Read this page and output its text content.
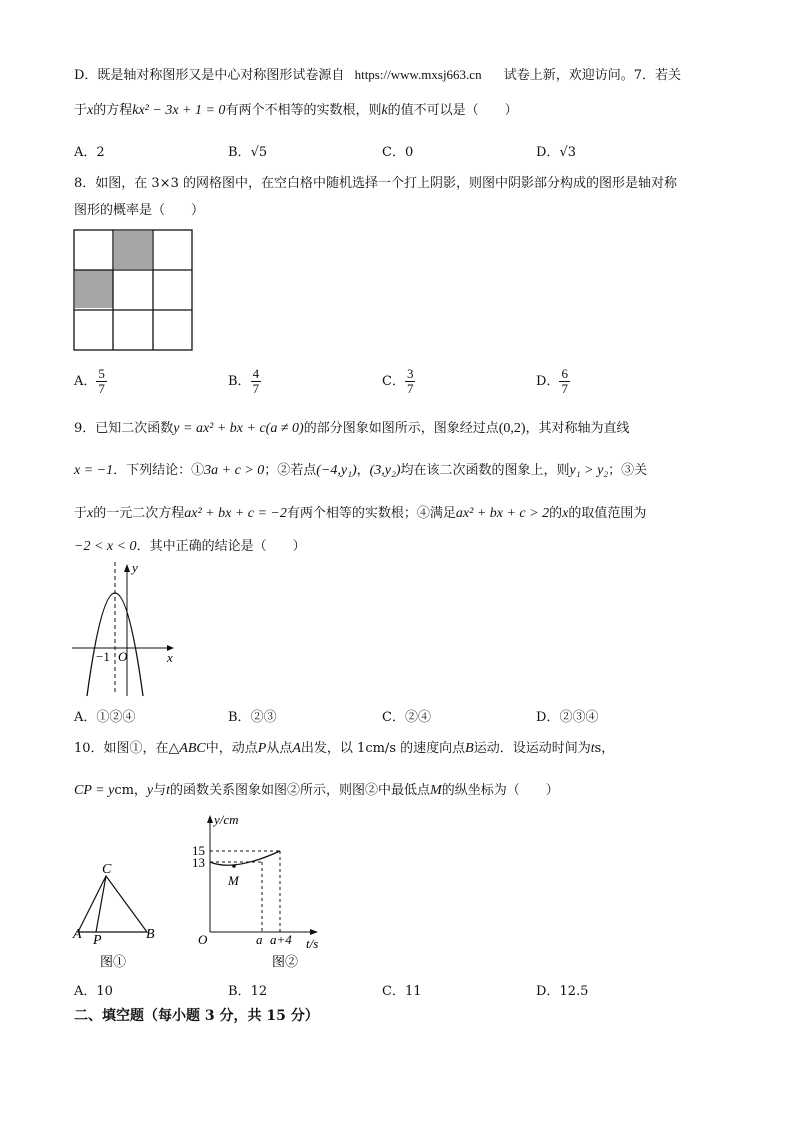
D．既是轴对称图形又是中心对称图形试卷源自 https://www.mxsj663.cn 试卷上新，欢迎访问。7．若关
于x的方程kx² − 3x + 1 = 0有两个不相等的实数根，则k的值不可以是（　　）
A．2	B．√5	C．0	D．√3
8．如图，在 3×3 的网格图中，在空白格中随机选择一个打上阴影，则图中阴影部分构成的图形是轴对称
图形的概率是（　　）
A． $\frac{5}{7}$	B． $\frac{4}{7}$	C． $\frac{3}{7}$	D． $\frac{6}{7}$
9．已知二次函数y = ax² + bx + c(a ≠ 0)的部分图象如图所示，图象经过点(0,2)，其对称轴为直线
x = −1．下列结论：①3a + c > 0；②若点(−4,y₁)，(3,y₂)均在该二次函数的图象上，则y₁ > y₂；③关
于x的一元二次方程ax² + bx + c = −2有两个相等的实数根；④满足ax² + bx + c > 2的x的取值范围为
−2 < x < 0．其中正确的结论是（　　）
x
y
O
−1
A．①②④	B．②③	C．②④	D．②③④
10．如图①，在△ABC中，动点P从点A出发，以 1cm/s 的速度向点B运动．设运动时间为ts，
CP = ycm，y与t的函数关系图象如图②所示，则图②中最低点M的纵坐标为（　　）
C
A P	B
图①
y/cm
t/s
O
15
13
M
a a+4
图②
A．10	B．12	C．11	D．12.5
二、填空题（每小题 3 分，共 15 分）
